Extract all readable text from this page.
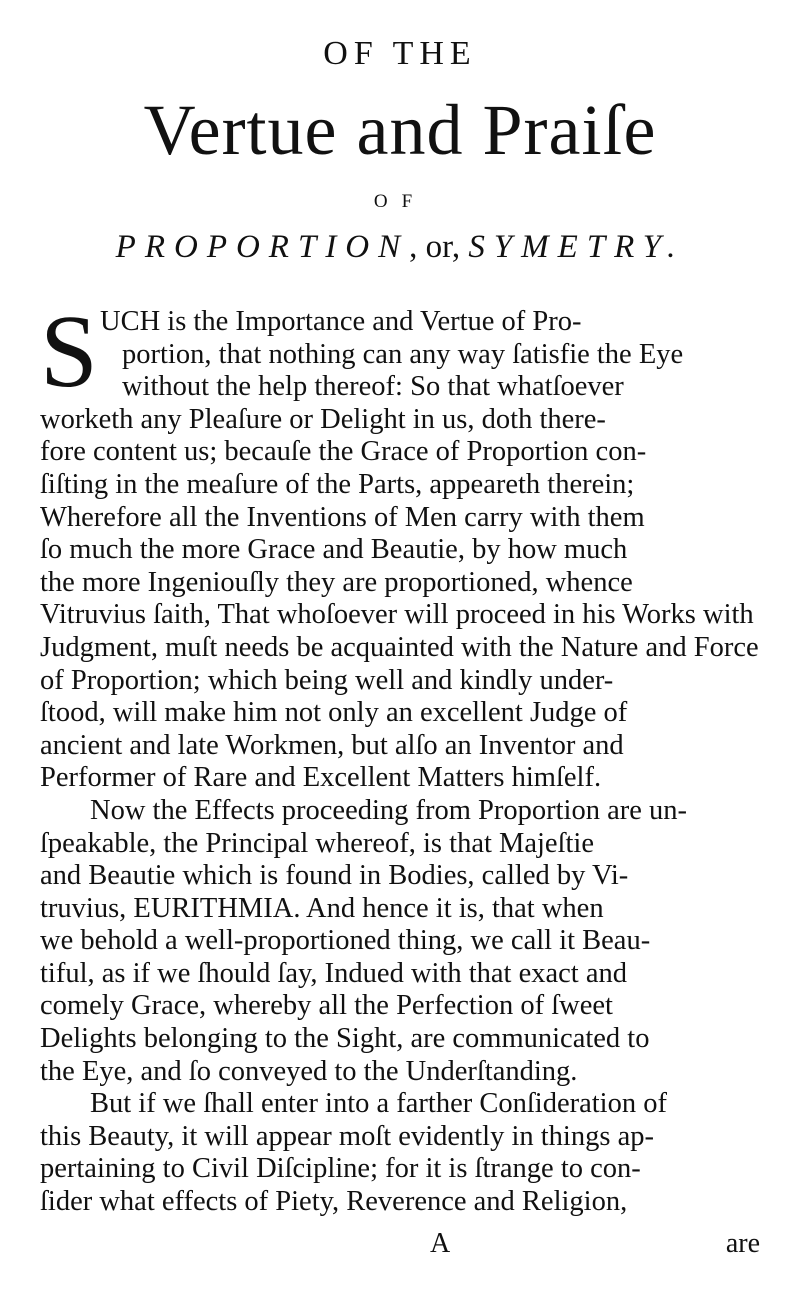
OF THE
Vertue and Praiſe
OF
PROPORTION, or, SYMETRY.
S UCH is the Importance and Vertue of Pro-
portion, that nothing can any way ſatisfie the Eye
without the help thereof: So that whatſoever
worketh any Pleaſure or Delight in us, doth there-
fore content us; becauſe the Grace of Proportion con-
ſiſting in the meaſure of the Parts, appeareth therein;
Wherefore all the Inventions of Men carry with them
ſo much the more Grace and Beautie, by how much
the more Ingeniouſly they are proportioned, whence
Vitruvius ſaith, That whoſoever will proceed in his Works with
Judgment, muſt needs be acquainted with the Nature and Force
of Proportion; which being well and kindly under-
ſtood, will make him not only an excellent Judge of
ancient and late Workmen, but alſo an Inventor and
Performer of Rare and Excellent Matters himſelf.
Now the Effects proceeding from Proportion are un-
ſpeakable, the Principal whereof, is that Majeſtie
and Beautie which is found in Bodies, called by Vi-
truvius, EURITHMIA. And hence it is, that when
we behold a well-proportioned thing, we call it Beau-
tiful, as if we ſhould ſay, Indued with that exact and
comely Grace, whereby all the Perfection of ſweet
Delights belonging to the Sight, are communicated to
the Eye, and ſo conveyed to the Underſtanding.
But if we ſhall enter into a farther Conſideration of
this Beauty, it will appear moſt evidently in things ap-
pertaining to Civil Diſcipline; for it is ſtrange to con-
ſider what effects of Piety, Reverence and Religion,
A	are
